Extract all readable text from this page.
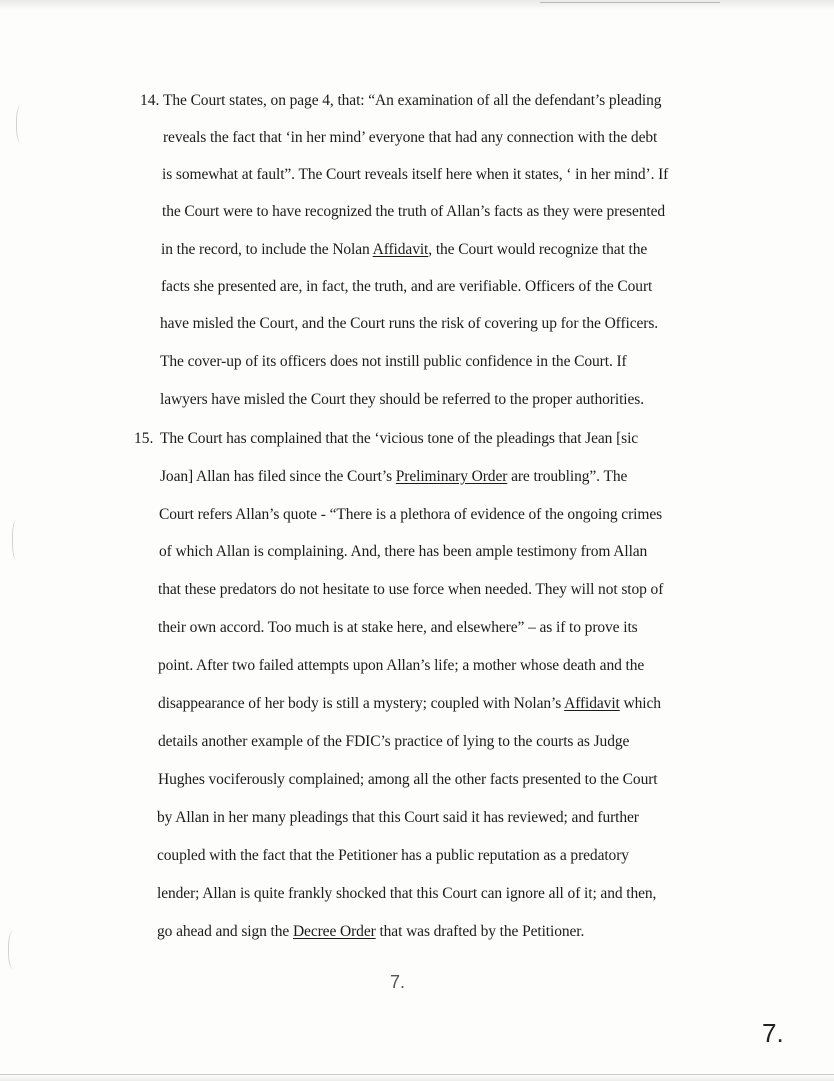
14. The Court states, on page 4, that: “An examination of all the defendant’s pleading
reveals the fact that ‘in her mind’ everyone that had any connection with the debt
is somewhat at fault”. The Court reveals itself here when it states, ‘ in her mind’. If
the Court were to have recognized the truth of Allan’s facts as they were presented
in the record, to include the Nolan Affidavit, the Court would recognize that the
facts she presented are, in fact, the truth, and are verifiable. Officers of the Court
have misled the Court, and the Court runs the risk of covering up for the Officers.
The cover-up of its officers does not instill public confidence in the Court. If
lawyers have misled the Court they should be referred to the proper authorities.
15. The Court has complained that the ‘vicious tone of the pleadings that Jean [sic
Joan] Allan has filed since the Court’s Preliminary Order are troubling”. The
Court refers Allan’s quote - “There is a plethora of evidence of the ongoing crimes
of which Allan is complaining. And, there has been ample testimony from Allan
that these predators do not hesitate to use force when needed. They will not stop of
their own accord. Too much is at stake here, and elsewhere” – as if to prove its
point. After two failed attempts upon Allan’s life; a mother whose death and the
disappearance of her body is still a mystery; coupled with Nolan’s Affidavit which
details another example of the FDIC’s practice of lying to the courts as Judge
Hughes vociferously complained; among all the other facts presented to the Court
by Allan in her many pleadings that this Court said it has reviewed; and further
coupled with the fact that the Petitioner has a public reputation as a predatory
lender; Allan is quite frankly shocked that this Court can ignore all of it; and then,
go ahead and sign the Decree Order that was drafted by the Petitioner.
7.
7.
